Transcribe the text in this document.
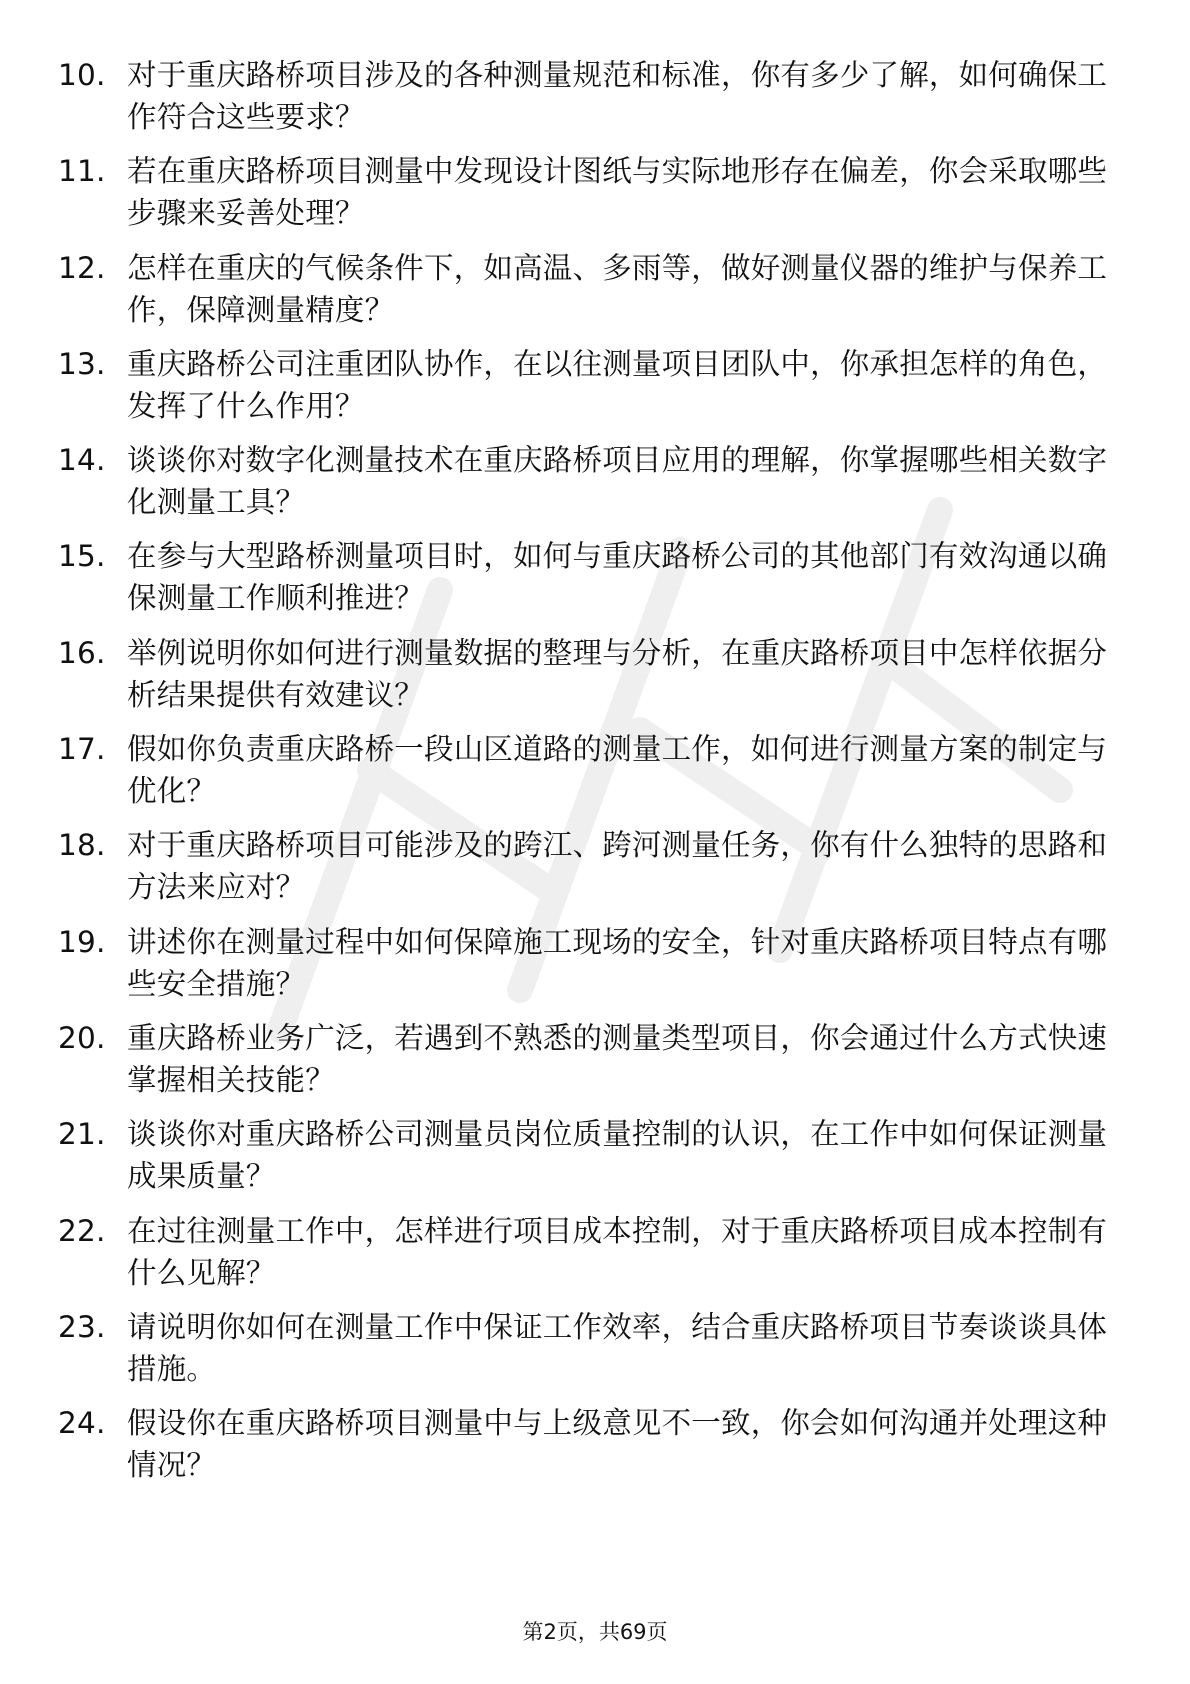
10. 对于重庆路桥项目涉及的各种测量规范和标准，你有多少了解，如何确保工作符合这些要求？
11. 若在重庆路桥项目测量中发现设计图纸与实际地形存在偏差，你会采取哪些步骤来妥善处理？
12. 怎样在重庆的气候条件下，如高温、多雨等，做好测量仪器的维护与保养工作，保障测量精度？
13. 重庆路桥公司注重团队协作，在以往测量项目团队中，你承担怎样的角色，发挥了什么作用？
14. 谈谈你对数字化测量技术在重庆路桥项目应用的理解，你掌握哪些相关数字化测量工具？
15. 在参与大型路桥测量项目时，如何与重庆路桥公司的其他部门有效沟通以确保测量工作顺利推进？
16. 举例说明你如何进行测量数据的整理与分析，在重庆路桥项目中怎样依据分析结果提供有效建议？
17. 假如你负责重庆路桥一段山区道路的测量工作，如何进行测量方案的制定与优化？
18. 对于重庆路桥项目可能涉及的跨江、跨河测量任务，你有什么独特的思路和方法来应对？
19. 讲述你在测量过程中如何保障施工现场的安全，针对重庆路桥项目特点有哪些安全措施？
20. 重庆路桥业务广泛，若遇到不熟悉的测量类型项目，你会通过什么方式快速掌握相关技能？
21. 谈谈你对重庆路桥公司测量员岗位质量控制的认识，在工作中如何保证测量成果质量？
22. 在过往测量工作中，怎样进行项目成本控制，对于重庆路桥项目成本控制有什么见解？
23. 请说明你如何在测量工作中保证工作效率，结合重庆路桥项目节奏谈谈具体措施。
24. 假设你在重庆路桥项目测量中与上级意见不一致，你会如何沟通并处理这种情况？
第2页，共69页
